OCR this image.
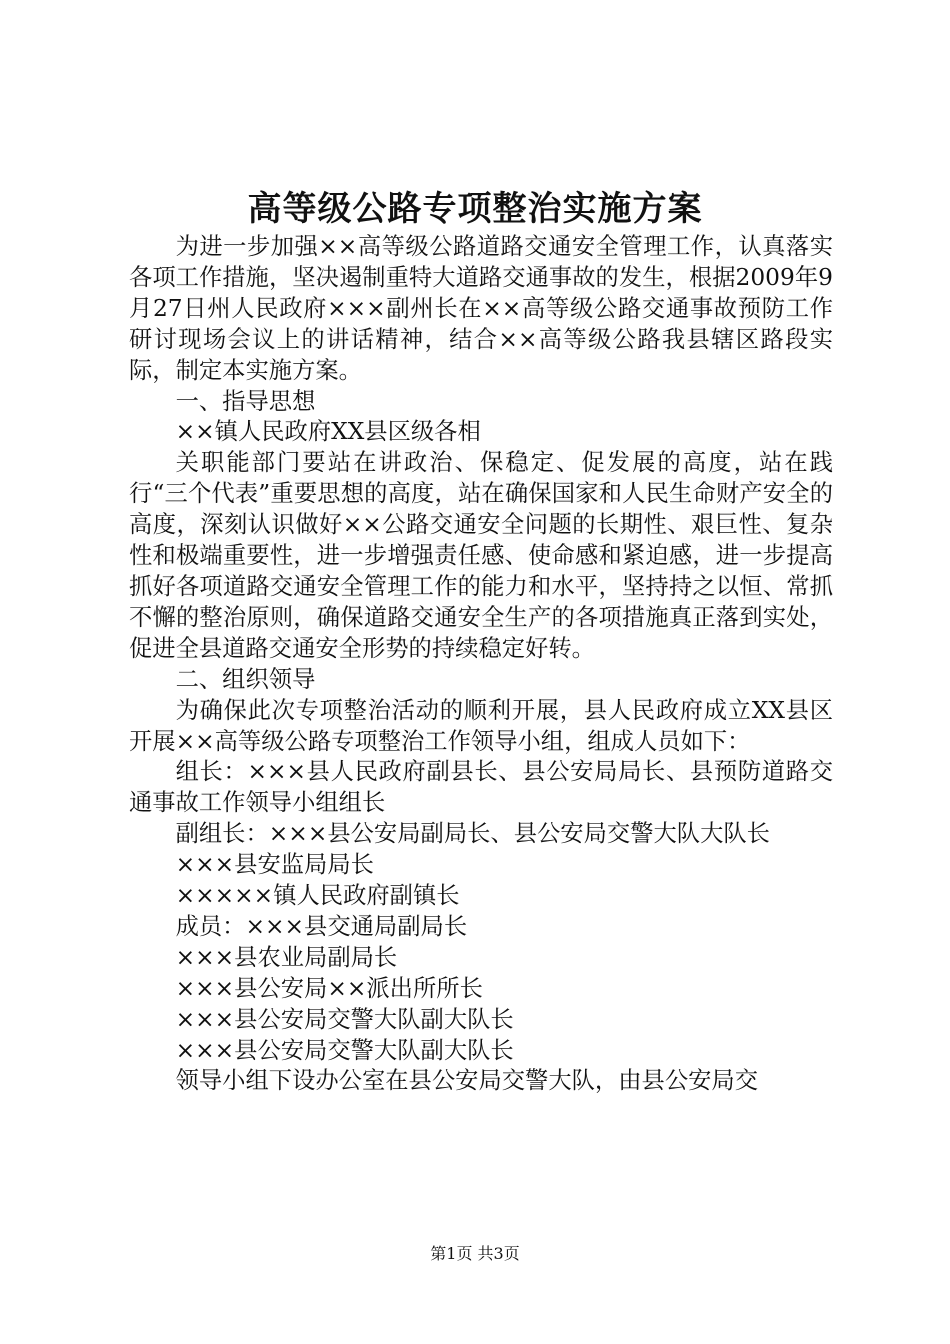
高等级公路专项整治实施方案

为进一步加强××高等级公路道路交通安全管理工作，认真落实各项工作措施，坚决遏制重特大道路交通事故的发生，根据2009年9月27日州人民政府×××副州长在××高等级公路交通事故预防工作研讨现场会议上的讲话精神，结合××高等级公路我县辖区路段实际，制定本实施方案。

一、指导思想

××镇人民政府XX县区级各相

关职能部门要站在讲政治、保稳定、促发展的高度，站在践行“三个代表”重要思想的高度，站在确保国家和人民生命财产安全的高度，深刻认识做好××公路交通安全问题的长期性、艰巨性、复杂性和极端重要性，进一步增强责任感、使命感和紧迫感，进一步提高抓好各项道路交通安全管理工作的能力和水平，坚持持之以恒、常抓不懈的整治原则，确保道路交通安全生产的各项措施真正落到实处，促进全县道路交通安全形势的持续稳定好转。

二、组织领导

为确保此次专项整治活动的顺利开展，县人民政府成立XX县区开展××高等级公路专项整治工作领导小组，组成人员如下：

组长：×××县人民政府副县长、县公安局局长、县预防道路交通事故工作领导小组组长

副组长：×××县公安局副局长、县公安局交警大队大队长

×××县安监局局长

×××××镇人民政府副镇长

成员：×××县交通局副局长

×××县农业局副局长

×××县公安局××派出所所长

×××县公安局交警大队副大队长

×××县公安局交警大队副大队长

领导小组下设办公室在县公安局交警大队，由县公安局交

第1页 共3页
